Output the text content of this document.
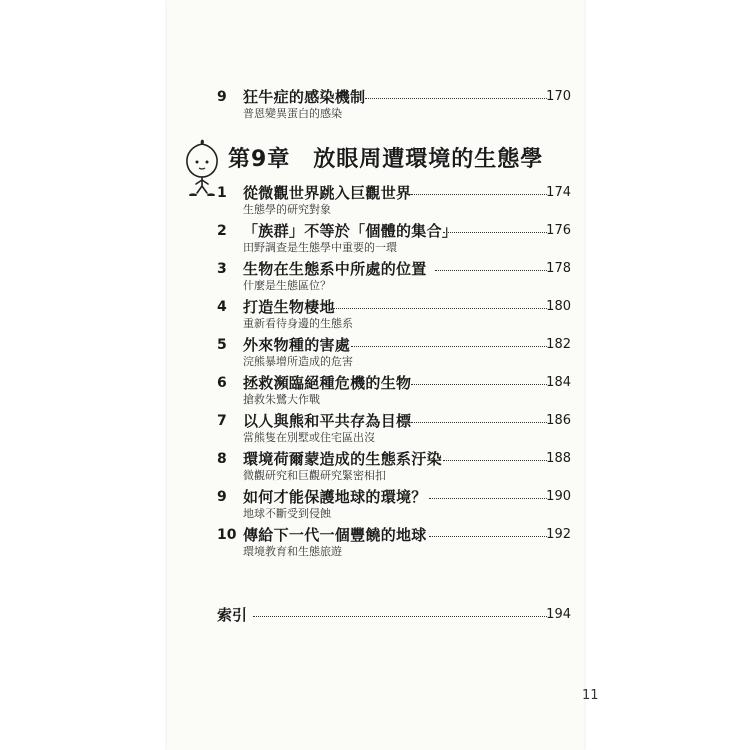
9	狂牛症的感染機制	170
普恩變異蛋白的感染
第9章　放眼周遭環境的生態學
1	從微觀世界跳入巨觀世界	174
生態學的研究對象
2	「族群」不等於「個體的集合」	176
田野調查是生態學中重要的一環
3	生物在生態系中所處的位置	178
什麼是生態區位？
4	打造生物棲地	180
重新看待身邊的生態系
5	外來物種的害處	182
浣熊暴增所造成的危害
6	拯救瀕臨絕種危機的生物	184
搶救朱鷺大作戰
7	以人與熊和平共存為目標	186
當熊隻在別墅或住宅區出沒
8	環境荷爾蒙造成的生態系汙染	188
微觀研究和巨觀研究緊密相扣
9	如何才能保護地球的環境？	190
地球不斷受到侵蝕
10 傳給下一代一個豐饒的地球	192
環境教育和生態旅遊
索引	194
11
